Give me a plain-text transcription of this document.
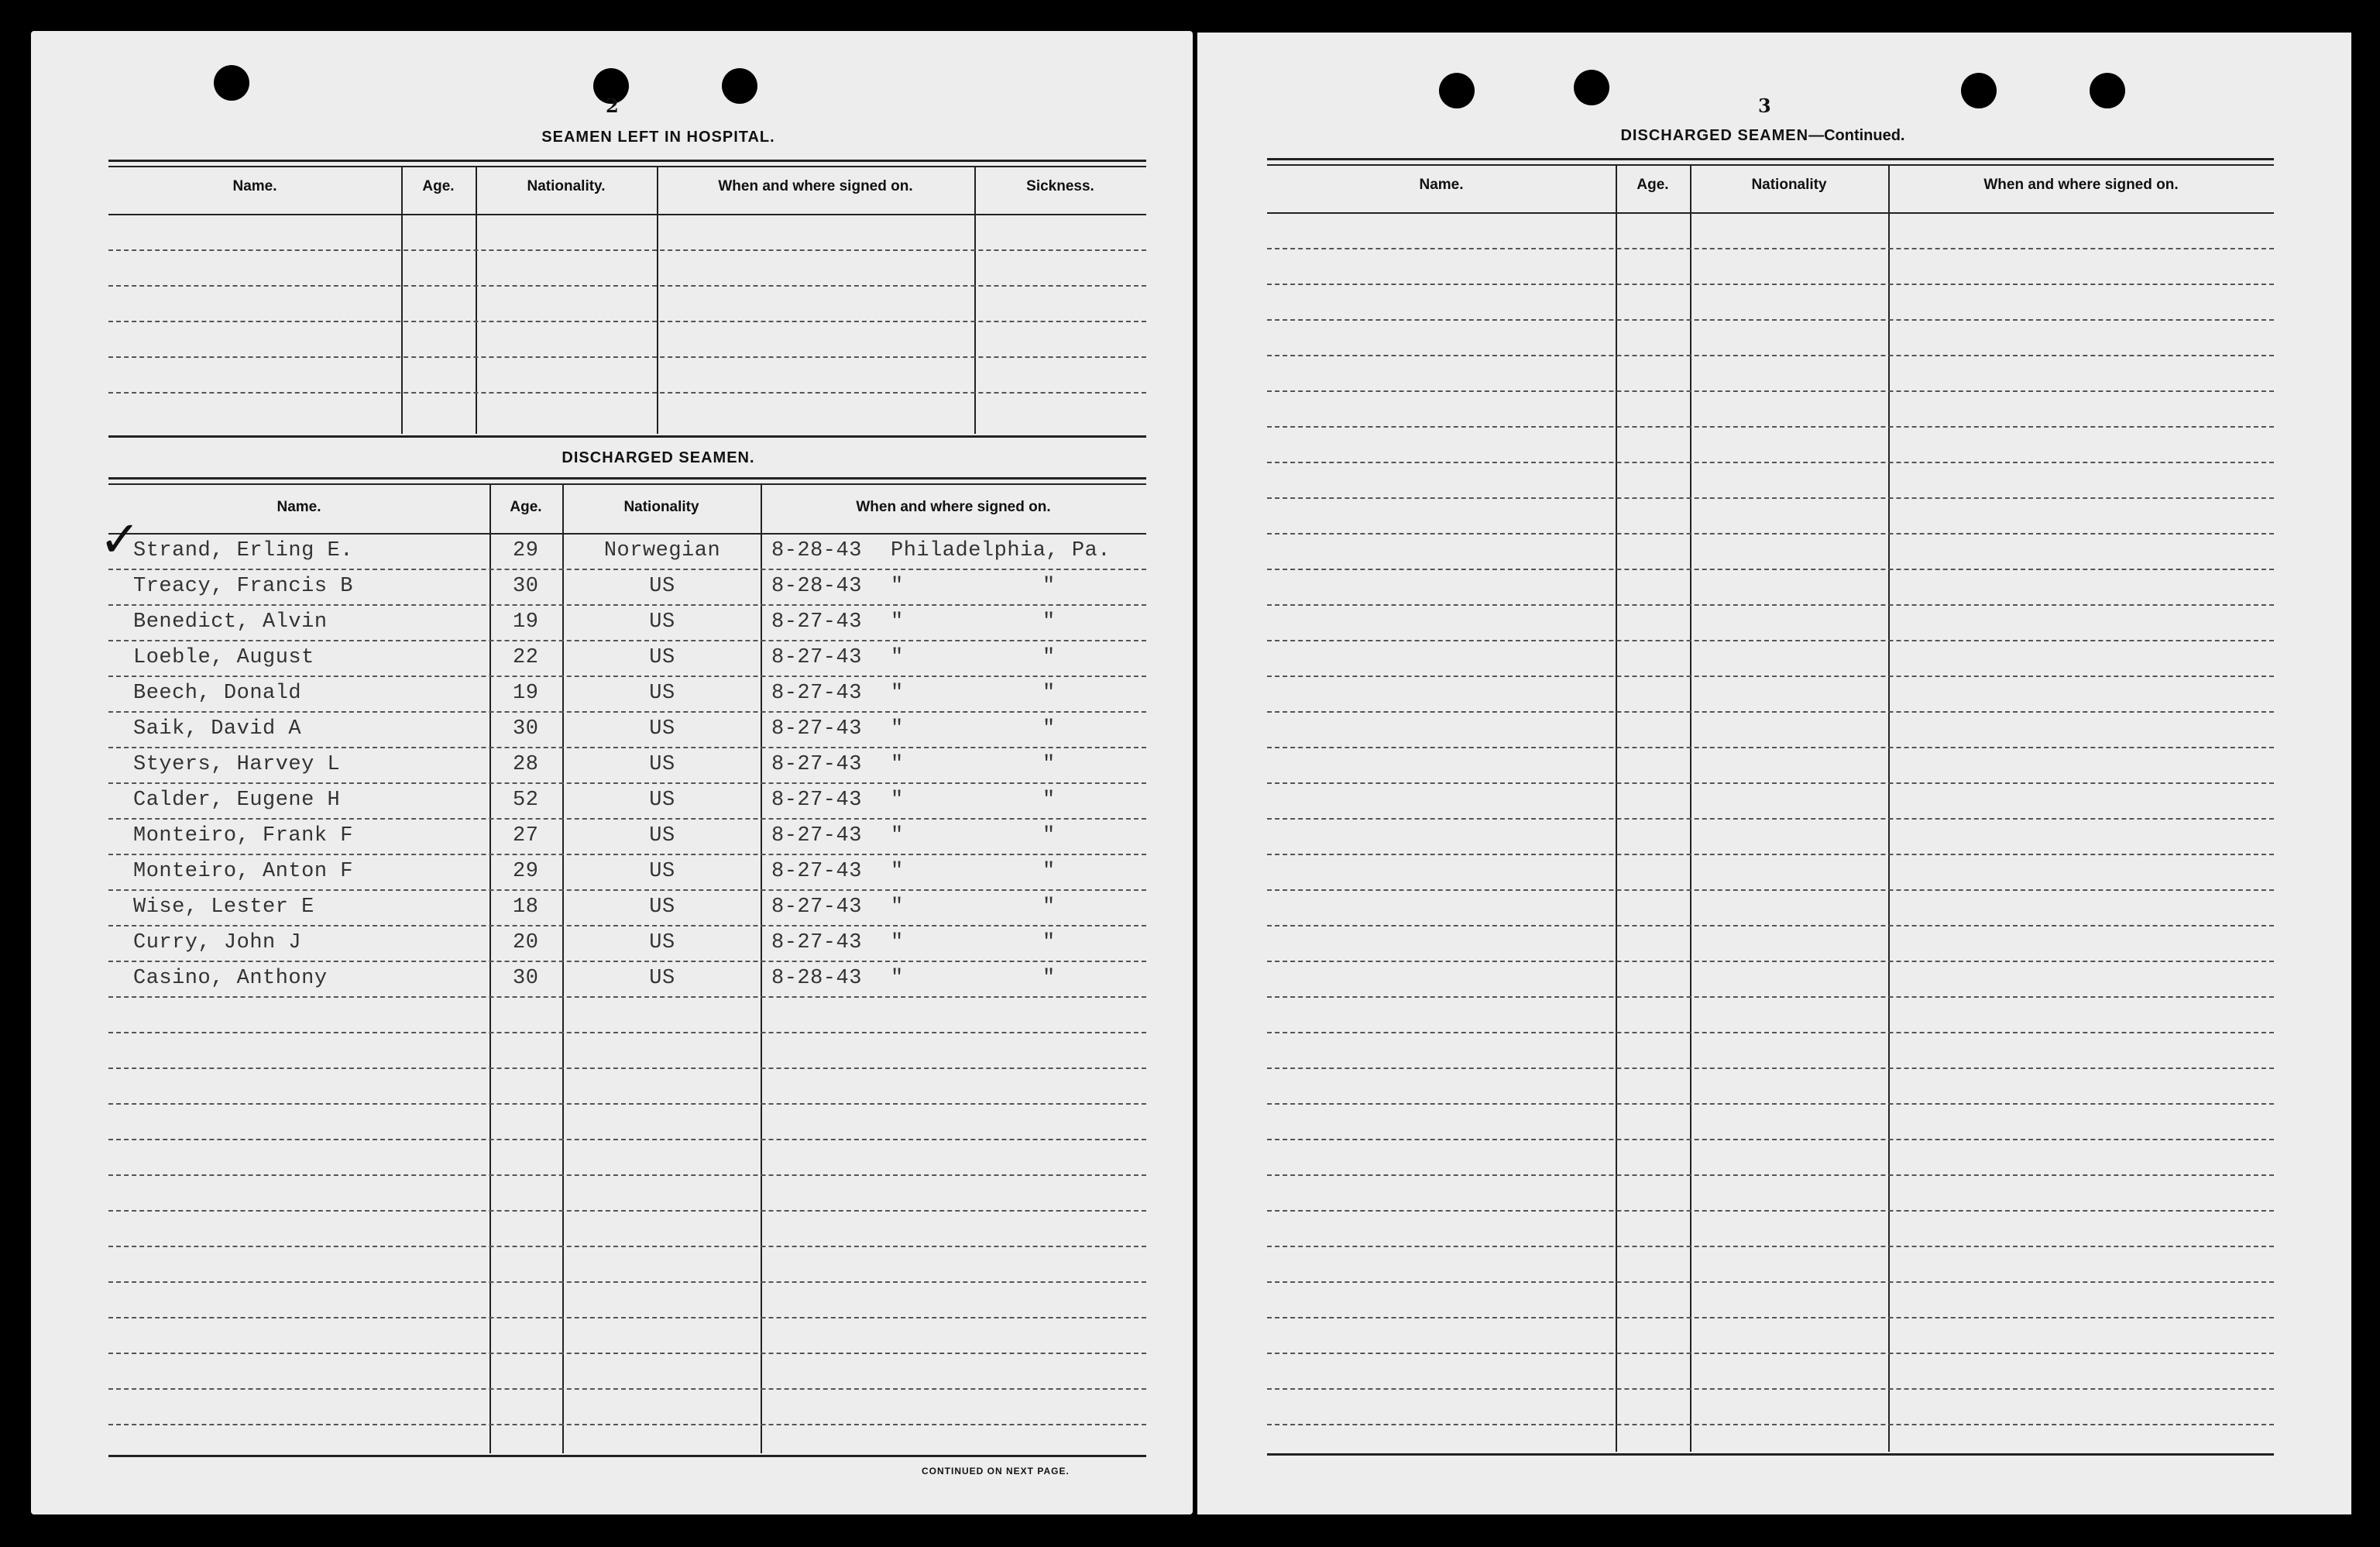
2
SEAMEN LEFT IN HOSPITAL.
Name.	Age.	Nationality.	When and where signed on.	Sickness.
DISCHARGED SEAMEN.
Name.	Age.	Nationality	When and where signed on.
✓
Strand, Erling E.	29	Norwegian	8-28-43 Philadelphia, Pa.
Treacy, Francis B	30	US	8-28-43 "	"
Benedict, Alvin	19	US	8-27-43 "	"
Loeble, August	22	US	8-27-43 "	"
Beech, Donald	19	US	8-27-43 "	"
Saik, David A	30	US	8-27-43 "	"
Styers, Harvey L	28	US	8-27-43 "	"
Calder, Eugene H	52	US	8-27-43 "	"
Monteiro, Frank F	27	US	8-27-43 "	"
Monteiro, Anton F	29	US	8-27-43 "	"
Wise, Lester E	18	US	8-27-43 "	"
Curry, John J	20	US	8-27-43 "	"
Casino, Anthony	30	US	8-28-43 "	"
CONTINUED ON NEXT PAGE.
3
DISCHARGED SEAMEN—Continued.
Name.	Age.	Nationality	When and where signed on.
